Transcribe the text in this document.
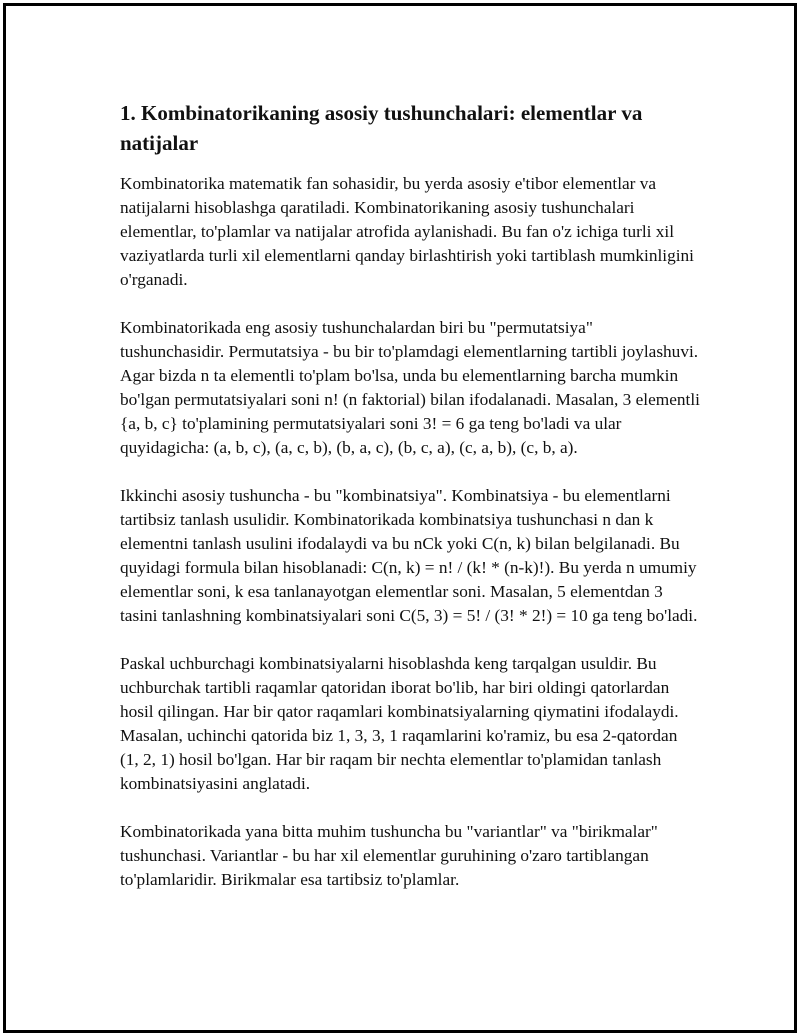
1. Kombinatorikaning asosiy tushunchalari: elementlar va natijalar

Kombinatorika matematik fan sohasidir, bu yerda asosiy e'tibor elementlar va natijalarni hisoblashga qaratiladi. Kombinatorikaning asosiy tushunchalari elementlar, to'plamlar va natijalar atrofida aylanishadi. Bu fan o'z ichiga turli xil vaziyatlarda turli xil elementlarni qanday birlashtirish yoki tartiblash mumkinligini o'rganadi.

Kombinatorikada eng asosiy tushunchalardan biri bu "permutatsiya" tushunchasidir. Permutatsiya - bu bir to'plamdagi elementlarning tartibli joylashuvi. Agar bizda n ta elementli to'plam bo'lsa, unda bu elementlarning barcha mumkin bo'lgan permutatsiyalari soni n! (n faktorial) bilan ifodalanadi. Masalan, 3 elementli {a, b, c} to'plamining permutatsiyalari soni 3! = 6 ga teng bo'ladi va ular quyidagicha: (a, b, c), (a, c, b), (b, a, c), (b, c, a), (c, a, b), (c, b, a).

Ikkinchi asosiy tushuncha - bu "kombinatsiya". Kombinatsiya - bu elementlarni tartibsiz tanlash usulidir. Kombinatorikada kombinatsiya tushunchasi n dan k elementni tanlash usulini ifodalaydi va bu nCk yoki C(n, k) bilan belgilanadi. Bu quyidagi formula bilan hisoblanadi: C(n, k) = n! / (k! * (n-k)!). Bu yerda n umumiy elementlar soni, k esa tanlanayotgan elementlar soni. Masalan, 5 elementdan 3 tasini tanlashning kombinatsiyalari soni C(5, 3) = 5! / (3! * 2!) = 10 ga teng bo'ladi.

Paskal uchburchagi kombinatsiyalarni hisoblashda keng tarqalgan usuldir. Bu uchburchak tartibli raqamlar qatoridan iborat bo'lib, har biri oldingi qatorlardan hosil qilingan. Har bir qator raqamlari kombinatsiyalarning qiymatini ifodalaydi. Masalan, uchinchi qatorida biz 1, 3, 3, 1 raqamlarini ko'ramiz, bu esa 2-qatordan (1, 2, 1) hosil bo'lgan. Har bir raqam bir nechta elementlar to'plamidan tanlash kombinatsiyasini anglatadi.

Kombinatorikada yana bitta muhim tushuncha bu "variantlar" va "birikmalar" tushunchasi. Variantlar - bu har xil elementlar guruhining o'zaro tartiblangan to'plamlaridir. Birikmalar esa tartibsiz to'plamlar.
